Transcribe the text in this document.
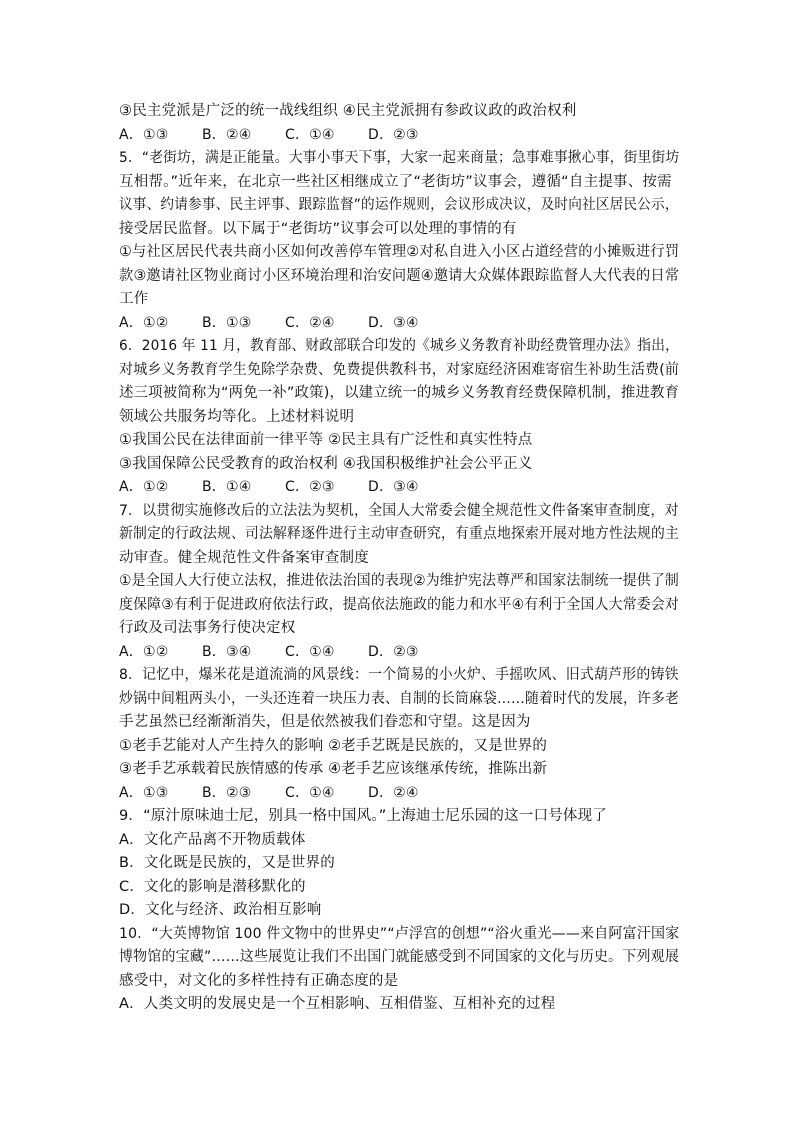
③民主党派是广泛的统一战线组织 ④民主党派拥有参政议政的政治权利
A．①③ B．②④ C．①④ D．②③
5．“老街坊，满是正能量。大事小事天下事，大家一起来商量；急事难事揪心事，街里街坊
互相帮。”近年来，在北京一些社区相继成立了“老街坊”议事会，遵循“自主提事、按需
议事、约请参事、民主评事、跟踪监督”的运作规则，会议形成决议，及时向社区居民公示，
接受居民监督。以下属于“老街坊”议事会可以处理的事情的有
①与社区居民代表共商小区如何改善停车管理②对私自进入小区占道经营的小摊贩进行罚
款③邀请社区物业商讨小区环境治理和治安问题④邀请大众媒体跟踪监督人大代表的日常
工作
A．①② B．①③ C．②④ D．③④
6．2016 年 11 月，教育部、财政部联合印发的《城乡义务教育补助经费管理办法》指出，
对城乡义务教育学生免除学杂费、免费提供教科书，对家庭经济困难寄宿生补助生活费(前
述三项被简称为“两免一补”政策)，以建立统一的城乡义务教育经费保障机制，推进教育
领域公共服务均等化。上述材料说明
①我国公民在法律面前一律平等 ②民主具有广泛性和真实性特点
③我国保障公民受教育的政治权利 ④我国积极维护社会公平正义
A．①② B．①④ C．②③ D．③④
7．以贯彻实施修改后的立法法为契机，全国人大常委会健全规范性文件备案审查制度，对
新制定的行政法规、司法解释逐件进行主动审查研究，有重点地探索开展对地方性法规的主
动审查。健全规范性文件备案审查制度
①是全国人大行使立法权，推进依法治国的表现②为维护宪法尊严和国家法制统一提供了制
度保障③有利于促进政府依法行政，提高依法施政的能力和水平④有利于全国人大常委会对
行政及司法事务行使决定权
A．①② B．③④ C．①④ D．②③
8．记忆中，爆米花是道流淌的风景线：一个简易的小火炉、手摇吹风、旧式葫芦形的铸铁
炒锅中间粗两头小，一头还连着一块压力表、自制的长筒麻袋……随着时代的发展，许多老
手艺虽然已经渐渐消失，但是依然被我们眷恋和守望。这是因为
①老手艺能对人产生持久的影响 ②老手艺既是民族的，又是世界的
③老手艺承载着民族情感的传承 ④老手艺应该继承传统，推陈出新
A．①③ B．②③ C．①④ D．②④
9．“原汁原味迪士尼，别具一格中国风。”上海迪士尼乐园的这一口号体现了
A．文化产品离不开物质载体
B．文化既是民族的，又是世界的
C．文化的影响是潜移默化的
D．文化与经济、政治相互影响
10．“大英博物馆 100 件文物中的世界史”“卢浮宫的创想”“浴火重光——来自阿富汗国家
博物馆的宝藏”……这些展览让我们不出国门就能感受到不同国家的文化与历史。下列观展
感受中，对文化的多样性持有正确态度的是
A．人类文明的发展史是一个互相影响、互相借鉴、互相补充的过程
